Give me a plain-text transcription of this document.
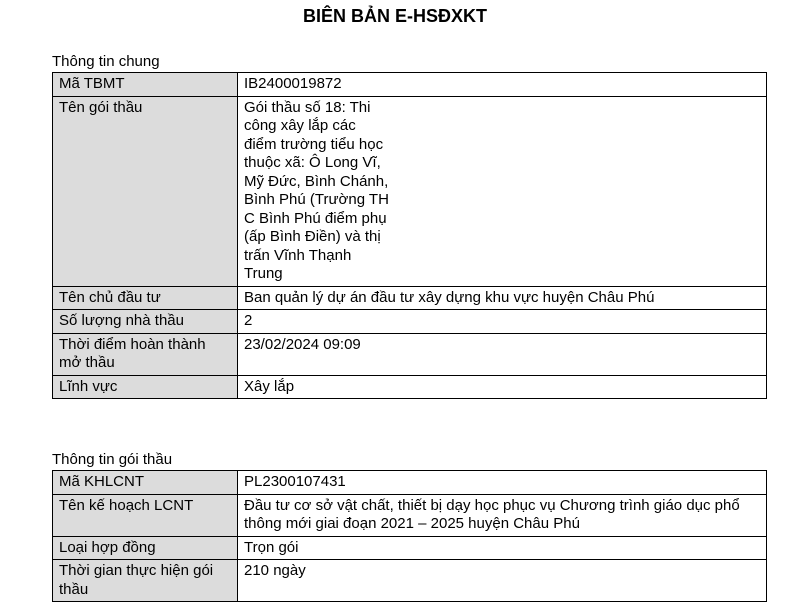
BIÊN BẢN E-HSĐXKT
Thông tin chung
Mã TBMT	IB2400019872
Tên gói thầu	Gói thầu số 18: Thi công xây lắp các điểm trường tiểu học thuộc xã: Ô Long Vĩ, Mỹ Đức, Bình Chánh, Bình Phú (Trường TH C Bình Phú điểm phụ (ấp Bình Điền) và thị trấn Vĩnh Thạnh Trung

Tên chủ đầu tư	Ban quản lý dự án đầu tư xây dựng khu vực huyện Châu Phú
Số lượng nhà thầu	2
Thời điểm hoàn thành mở thầu	23/02/2024 09:09
Lĩnh vực	Xây lắp
Thông tin gói thầu
Mã KHLCNT	PL2300107431
Tên kế hoạch LCNT	Đầu tư cơ sở vật chất, thiết bị dạy học phục vụ Chương trình giáo dục phổ thông mới giai đoạn 2021 – 2025 huyện Châu Phú
Loại hợp đồng	Trọn gói
Thời gian thực hiện gói thầu	210 ngày
